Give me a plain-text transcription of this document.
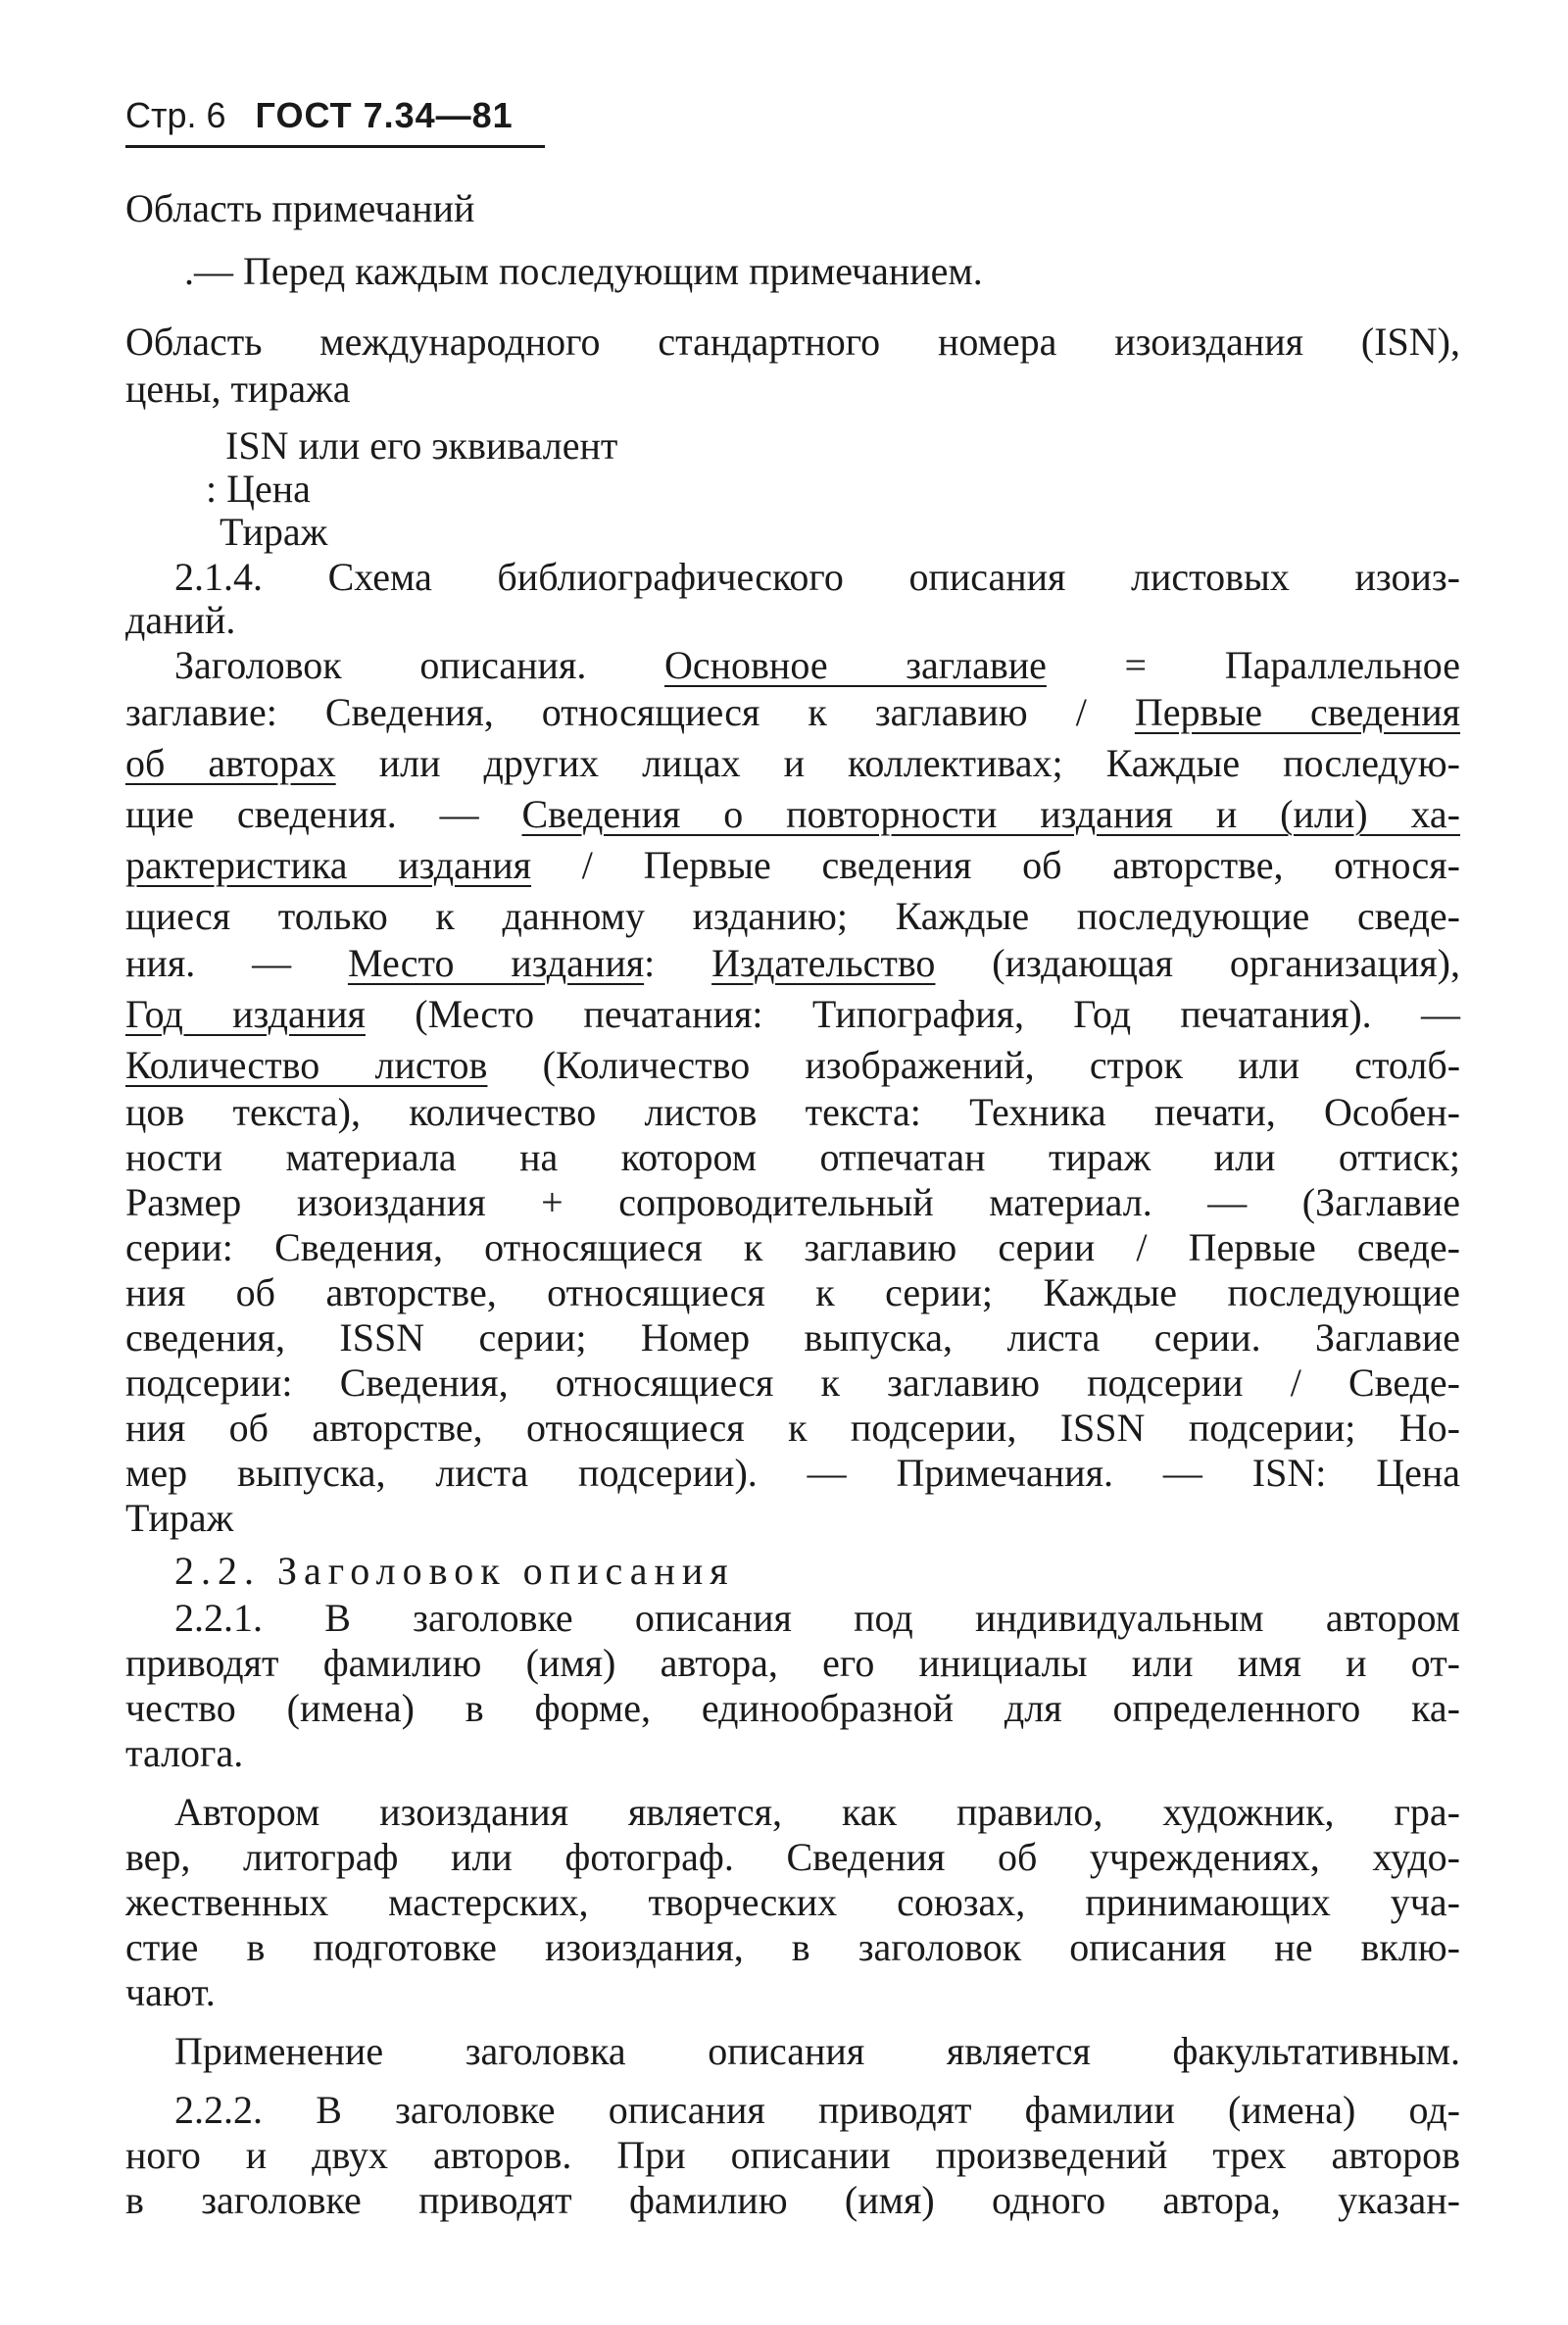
Стр. 6 ГОСТ 7.34—81
Область примечаний
.— Перед каждым последующим примечанием.
Область международного стандартного номера изоиздания (ISN),
цены, тиража
ISN или его эквивалент
: Цена
Тираж
2.1.4. Схема библиографического описания листовых изоиз-
даний.
Заголовок описания. Основное заглавие = Параллельное
заглавие: Сведения, относящиеся к заглавию / Первые сведения
об авторах или других лицах и коллективах; Каждые последую-
щие сведения. — Сведения о повторности издания и (или) ха-
рактеристика издания / Первые сведения об авторстве, относя-
щиеся только к данному изданию; Каждые последующие сведе-
ния. — Место издания: Издательство (издающая организация),
Год издания (Место печатания: Типография, Год печатания). —
Количество листов (Количество изображений, строк или столб-
цов текста), количество листов текста: Техника печати, Особен-
ности материала на котором отпечатан тираж или оттиск;
Размер изоиздания + сопроводительный материал. — (Заглавие
серии: Сведения, относящиеся к заглавию серии / Первые сведе-
ния об авторстве, относящиеся к серии; Каждые последующие
сведения, ISSN серии; Номер выпуска, листа серии. Заглавие
подсерии: Сведения, относящиеся к заглавию подсерии / Сведе-
ния об авторстве, относящиеся к подсерии, ISSN подсерии; Но-
мер выпуска, листа подсерии). — Примечания. — ISN: Цена
Тираж
2.2. Заголовок описания
2.2.1. В заголовке описания под индивидуальным автором
приводят фамилию (имя) автора, его инициалы или имя и от-
чество (имена) в форме, единообразной для определенного ка-
талога.
Автором изоиздания является, как правило, художник, гра-
вер, литограф или фотограф. Сведения об учреждениях, худо-
жественных мастерских, творческих союзах, принимающих уча-
стие в подготовке изоиздания, в заголовок описания не вклю-
чают.
Применение заголовка описания является факультативным.
2.2.2. В заголовке описания приводят фамилии (имена) од-
ного и двух авторов. При описании произведений трех авторов
в заголовке приводят фамилию (имя) одного автора, указан-
